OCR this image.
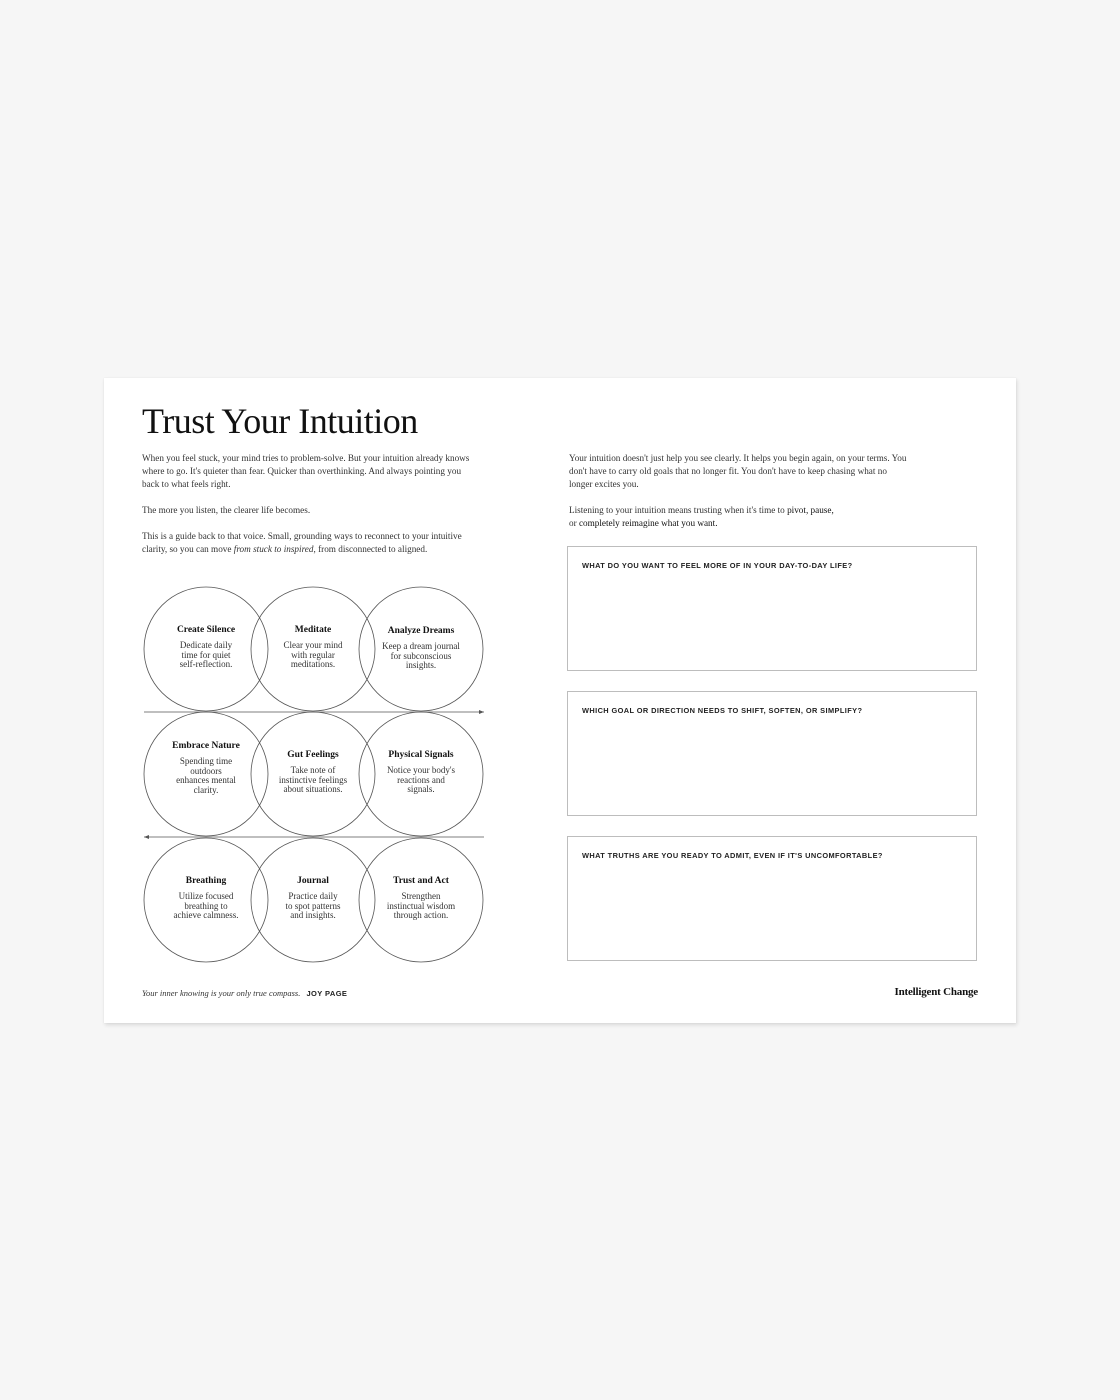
Trust Your Intuition

When you feel stuck, your mind tries to problem-solve. But your intuition already knows where to go. It's quieter than fear. Quicker than overthinking. And always pointing you back to what feels right.

The more you listen, the clearer life becomes.

This is a guide back to that voice. Small, grounding ways to reconnect to your intuitive clarity, so you can move from stuck to inspired, from disconnected to aligned.

Your intuition doesn't just help you see clearly. It helps you begin again, on your terms. You don't have to carry old goals that no longer fit. You don't have to keep chasing what no longer excites you.

Listening to your intuition means trusting when it's time to pivot, pause,
or completely reimagine what you want.

Create Silence
Dedicate daily
time for quiet
self-reflection.
Meditate
Clear your mind
with regular
meditations.
Analyze Dreams
Keep a dream journal
for subconscious
insights.
Embrace Nature
Spending time
outdoors
enhances mental
clarity.
Gut Feelings
Take note of
instinctive feelings
about situations.
Physical Signals
Notice your body's
reactions and
signals.
Breathing
Utilize focused
breathing to
achieve calmness.
Journal
Practice daily
to spot patterns
and insights.
Trust and Act
Strengthen
instinctual wisdom
through action.
WHAT DO YOU WANT TO FEEL MORE OF IN YOUR DAY-TO-DAY LIFE?
WHICH GOAL OR DIRECTION NEEDS TO SHIFT, SOFTEN, OR SIMPLIFY?
WHAT TRUTHS ARE YOU READY TO ADMIT, EVEN IF IT'S UNCOMFORTABLE?
Your inner knowing is your only true compass. JOY PAGE	Intelligent Change
